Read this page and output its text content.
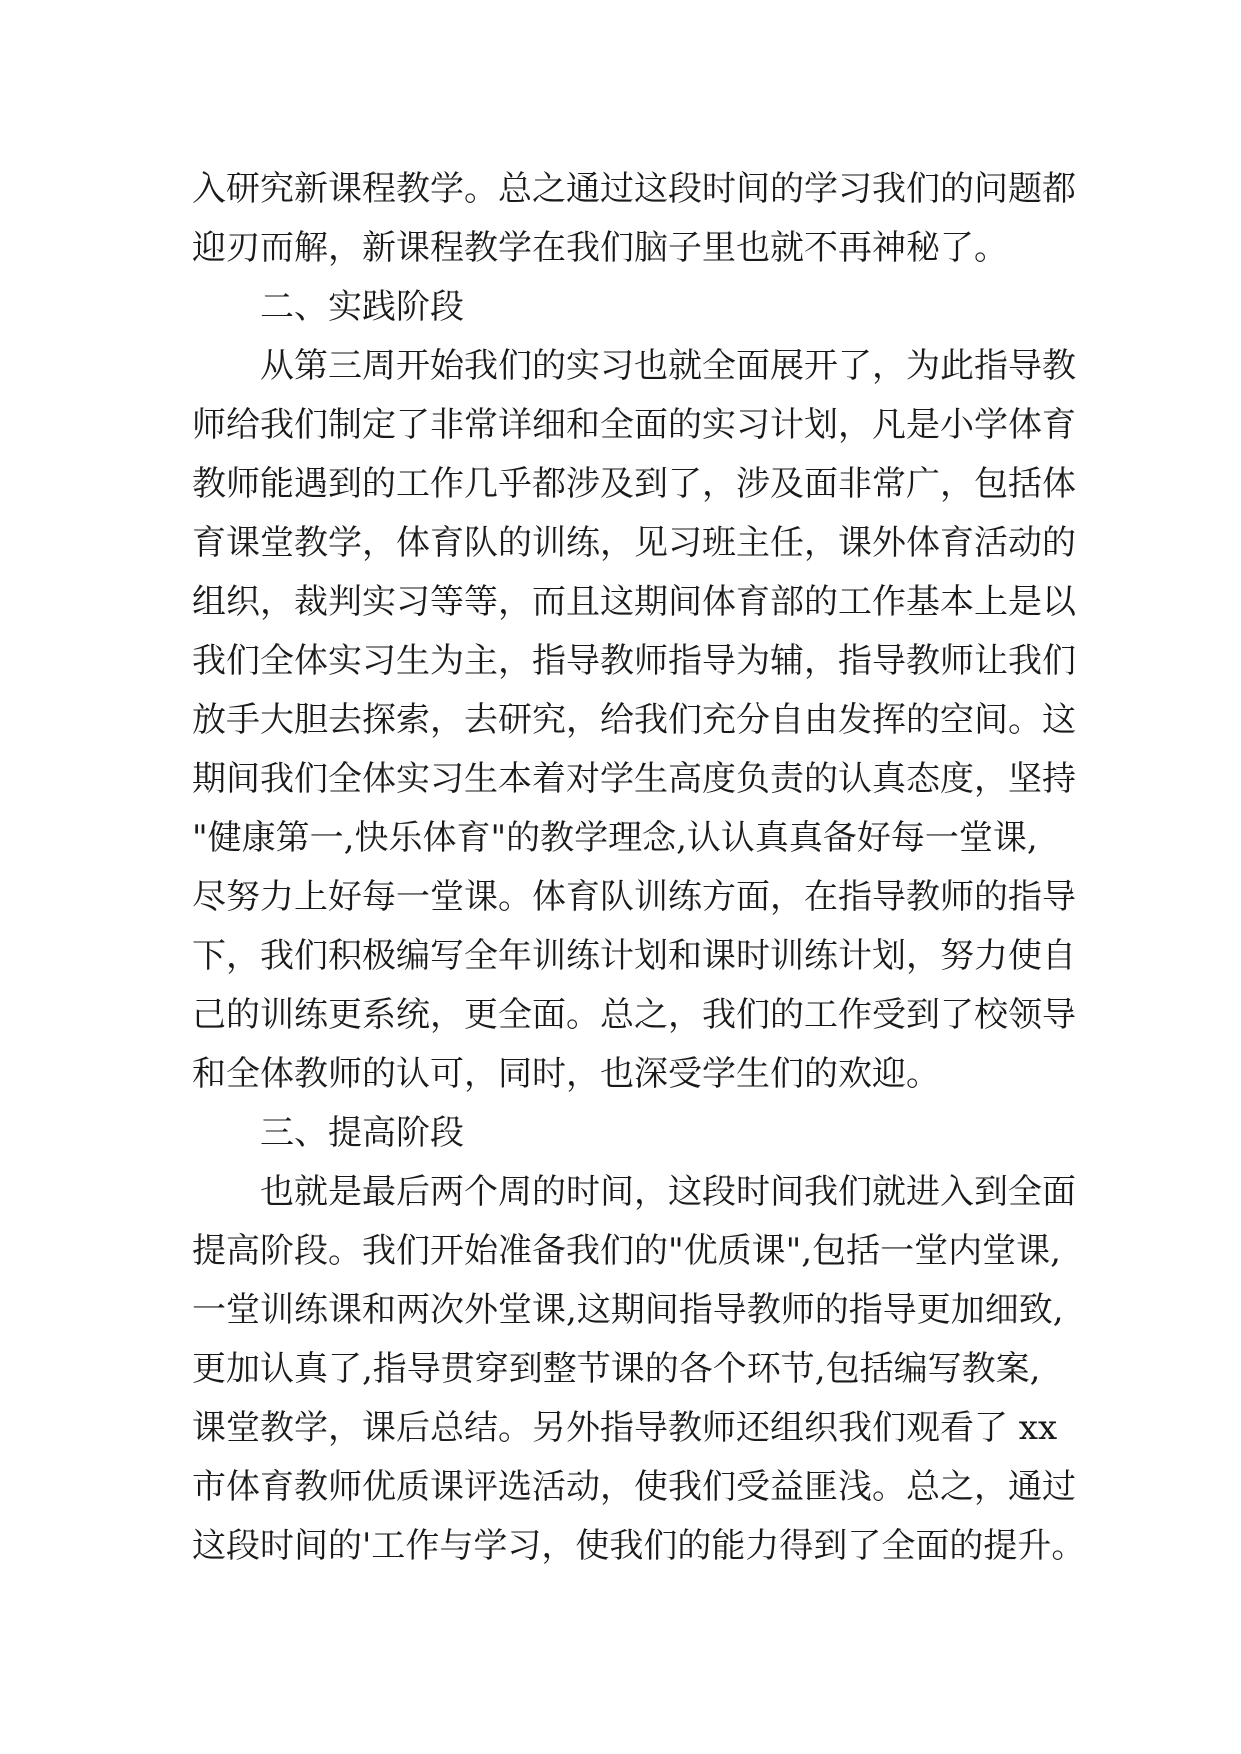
入研究新课程教学。总之通过这段时间的学习我们的问题都
迎刃而解，新课程教学在我们脑子里也就不再神秘了。
二、实践阶段
从第三周开始我们的实习也就全面展开了，为此指导教
师给我们制定了非常详细和全面的实习计划，凡是小学体育
教师能遇到的工作几乎都涉及到了，涉及面非常广，包括体
育课堂教学，体育队的训练，见习班主任，课外体育活动的
组织，裁判实习等等，而且这期间体育部的工作基本上是以
我们全体实习生为主，指导教师指导为辅，指导教师让我们
放手大胆去探索，去研究，给我们充分自由发挥的空间。这
期间我们全体实习生本着对学生高度负责的认真态度，坚持
"健康第一,快乐体育"的教学理念,认认真真备好每一堂课,
尽努力上好每一堂课。体育队训练方面，在指导教师的指导
下，我们积极编写全年训练计划和课时训练计划，努力使自
己的训练更系统，更全面。总之，我们的工作受到了校领导
和全体教师的认可，同时，也深受学生们的欢迎。
三、提高阶段
也就是最后两个周的时间，这段时间我们就进入到全面
提高阶段。我们开始准备我们的"优质课",包括一堂内堂课,
一堂训练课和两次外堂课,这期间指导教师的指导更加细致,
更加认真了,指导贯穿到整节课的各个环节,包括编写教案,
课堂教学，课后总结。另外指导教师还组织我们观看了 xx
市体育教师优质课评选活动，使我们受益匪浅。总之，通过
这段时间的'工作与学习，使我们的能力得到了全面的提升。
